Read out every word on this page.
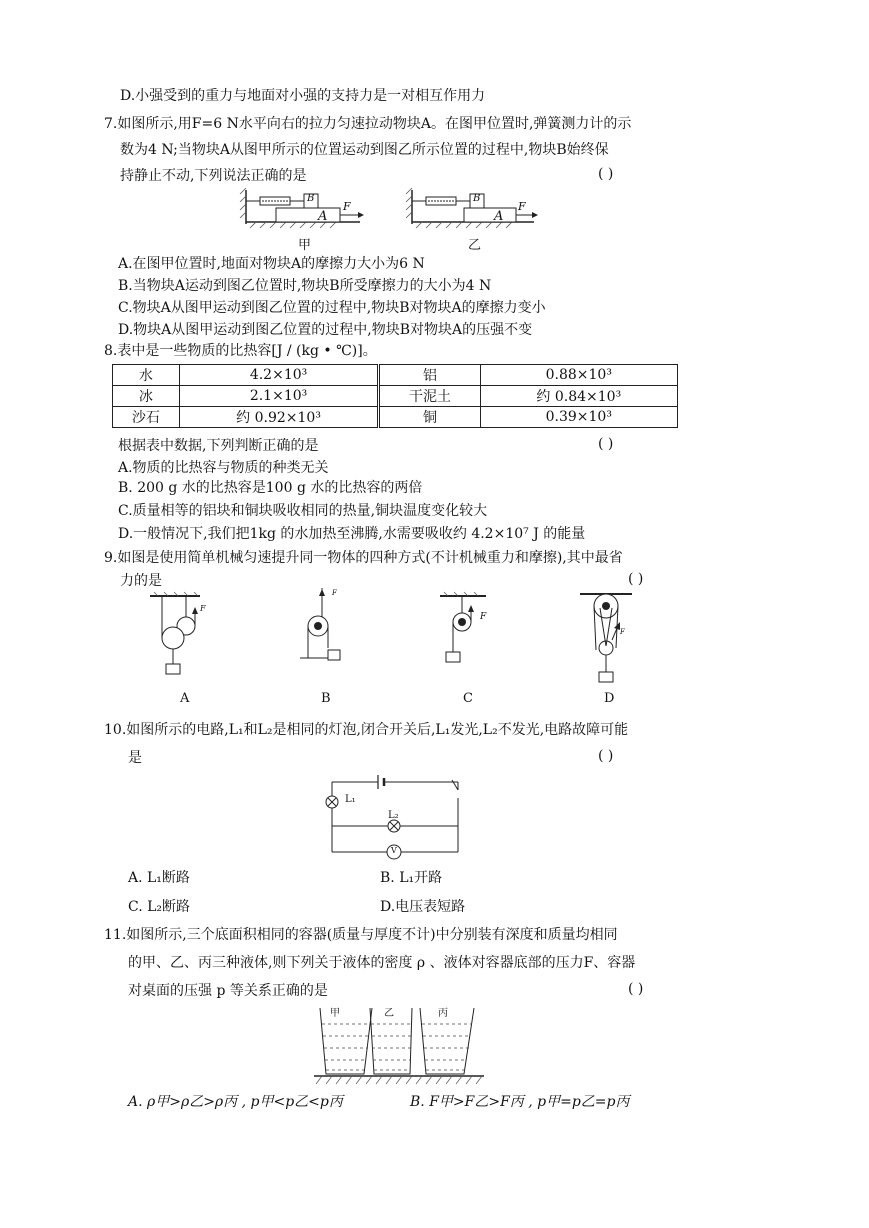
D.小强受到的重力与地面对小强的支持力是一对相互作用力
7.如图所示,用F=6 N水平向右的拉力匀速拉动物块A。在图甲位置时,弹簧测力计的示
数为4 N;当物块A从图甲所示的位置运动到图乙所示位置的过程中,物块B始终保
持静止不动,下列说法正确的是	( )
A
B
F
A
B
F
甲	乙
A.在图甲位置时,地面对物块A的摩擦力大小为6 N
B.当物块A运动到图乙位置时,物块B所受摩擦力的大小为4 N
C.物块A从图甲运动到图乙位置的过程中,物块B对物块A的摩擦力变小
D.物块A从图甲运动到图乙位置的过程中,物块B对物块A的压强不变
8.表中是一些物质的比热容[J / (kg • ℃)]。
水	4.2×10³	铝	0.88×10³
冰	2.1×10³	干泥土	约 0.84×10³
沙石	约 0.92×10³	铜	0.39×10³
根据表中数据,下列判断正确的是	( )
A.物质的比热容与物质的种类无关
B. 200 g 水的比热容是100 g 水的比热容的两倍
C.质量相等的铝块和铜块吸收相同的热量,铜块温度变化较大
D.一般情况下,我们把1kg 的水加热至沸腾,水需要吸收约 4.2×10⁷ J 的能量
9.如图是使用简单机械匀速提升同一物体的四种方式(不计机械重力和摩擦),其中最省
力的是	( )
F
F
F
F
A	B	C	D
10.如图所示的电路,L₁和L₂是相同的灯泡,闭合开关后,L₁发光,L₂不发光,电路故障可能
是	( )
L₁
L₂
V
A. L₁断路	B. L₁开路
C. L₂断路	D.电压表短路
11.如图所示,三个底面积相同的容器(质量与厚度不计)中分别装有深度和质量均相同
的甲、乙、丙三种液体,则下列关于液体的密度 ρ 、液体对容器底部的压力F、容器
对桌面的压强 p 等关系正确的是	( )
甲	乙	丙
A. ρ甲>ρ乙>ρ丙 , p甲<p乙<p丙	B. F甲>F乙>F丙 , p甲=p乙=p丙
